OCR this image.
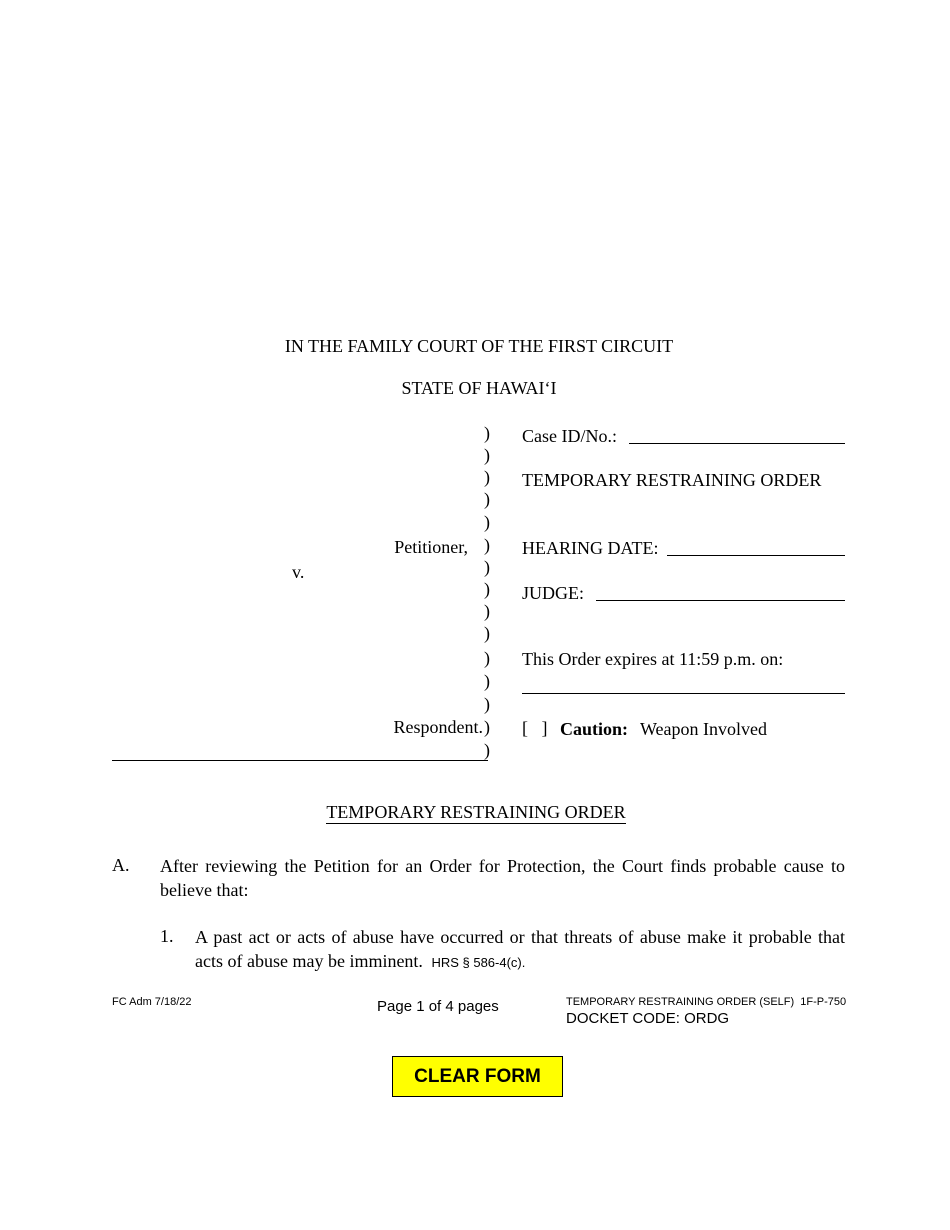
IN THE FAMILY COURT OF THE FIRST CIRCUIT
STATE OF HAWAI‘I
)
)
)
)
)
)
)
)
)
)
)
)
)
)
)
Petitioner,
v.
Respondent.
Case ID/No.:
TEMPORARY RESTRAINING ORDER
HEARING DATE:
JUDGE:
This Order expires at 11:59 p.m. on:
[   ] Caution: Weapon Involved
TEMPORARY RESTRAINING ORDER
A. After reviewing the Petition for an Order for Protection, the Court finds probable cause to believe that:
1. A past act or acts of abuse have occurred or that threats of abuse make it probable that acts of abuse may be imminent. HRS § 586-4(c).
FC Adm 7/18/22	Page 1 of 4 pages	TEMPORARY RESTRAINING ORDER (SELF)  1F-P-750
DOCKET CODE: ORDG
CLEAR FORM
